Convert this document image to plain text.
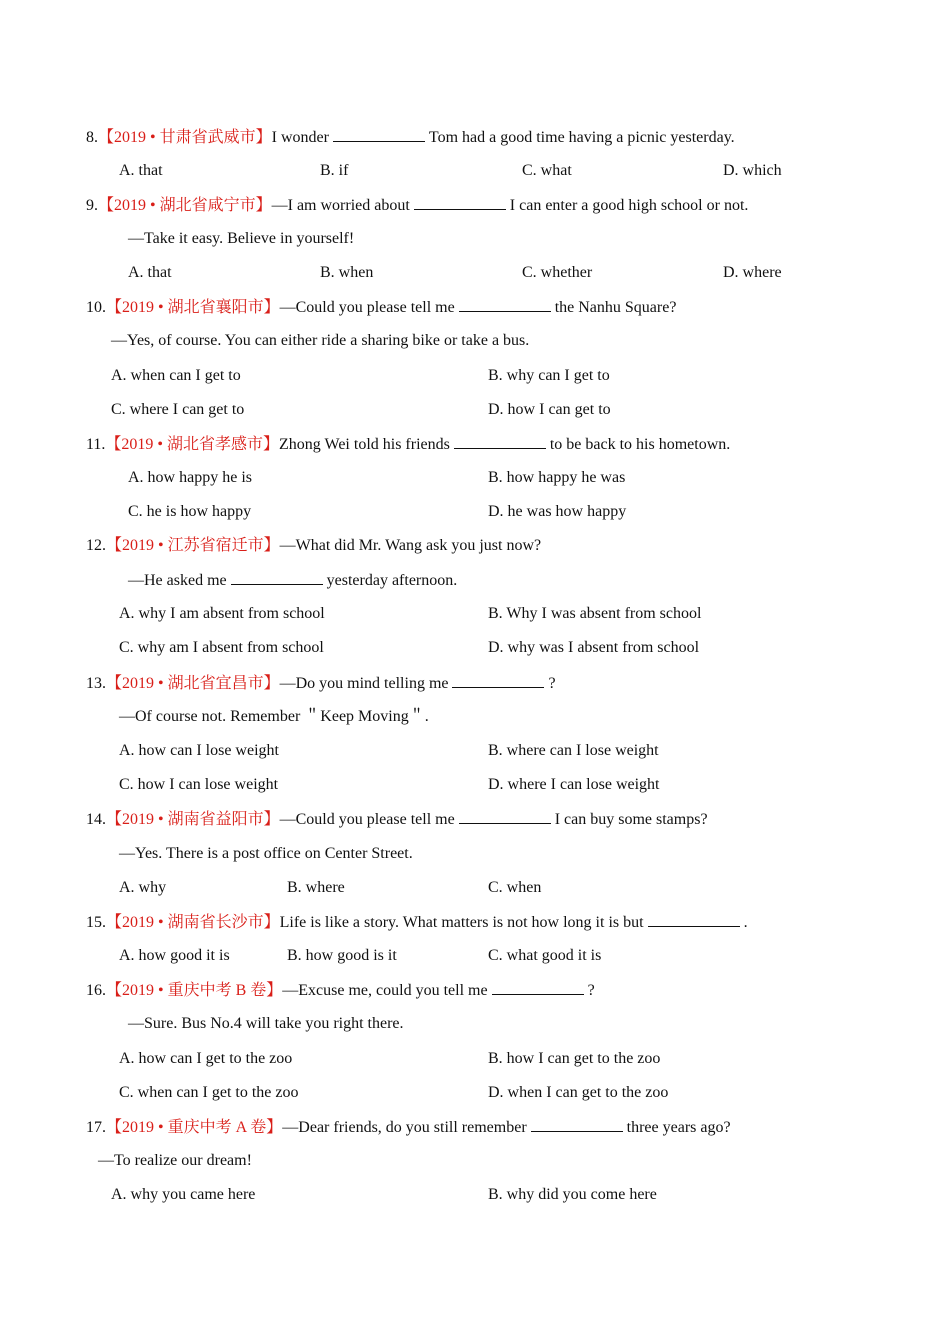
8.【2019 • 甘肃省武威市】I wonder	Tom had a good time having a picnic yesterday.
A. that	B. if	C. what	D. which
9.【2019 • 湖北省咸宁市】—I am worried about	I can enter a good high school or not.
—Take it easy. Believe in yourself!
A. that	B. when	C. whether	D. where
10.【2019 • 湖北省襄阳市】—Could you please tell me	the Nanhu Square?
—Yes, of course. You can either ride a sharing bike or take a bus.
A. when can I get to	B. why can I get to
C. where I can get to	D. how I can get to
11.【2019 • 湖北省孝感市】Zhong Wei told his friends	to be back to his hometown.
A. how happy he is	B. how happy he was
C. he is how happy	D. he was how happy
12.【2019 • 江苏省宿迁市】—What did Mr. Wang ask you just now?
—He asked me	yesterday afternoon.
A. why I am absent from school	B. Why I was absent from school
C. why am I absent from school	D. why was I absent from school
13.【2019 • 湖北省宜昌市】—Do you mind telling me	?
—Of course not. Remember ＂Keep Moving＂.
A. how can I lose weight	B. where can I lose weight
C. how I can lose weight	D. where I can lose weight
14.【2019 • 湖南省益阳市】—Could you please tell me	I can buy some stamps?
—Yes. There is a post office on Center Street.
A. why	B. where	C. when
15.【2019 • 湖南省长沙市】Life is like a story. What matters is not how long it is but	.
A. how good it is	B. how good is it	C. what good it is
16.【2019 • 重庆中考 B 卷】—Excuse me, could you tell me	?
—Sure. Bus No.4 will take you right there.
A. how can I get to the zoo	B. how I can get to the zoo
C. when can I get to the zoo	D. when I can get to the zoo
17.【2019 • 重庆中考 A 卷】—Dear friends, do you still remember	three years ago?
—To realize our dream!
A. why you came here	B. why did you come here
